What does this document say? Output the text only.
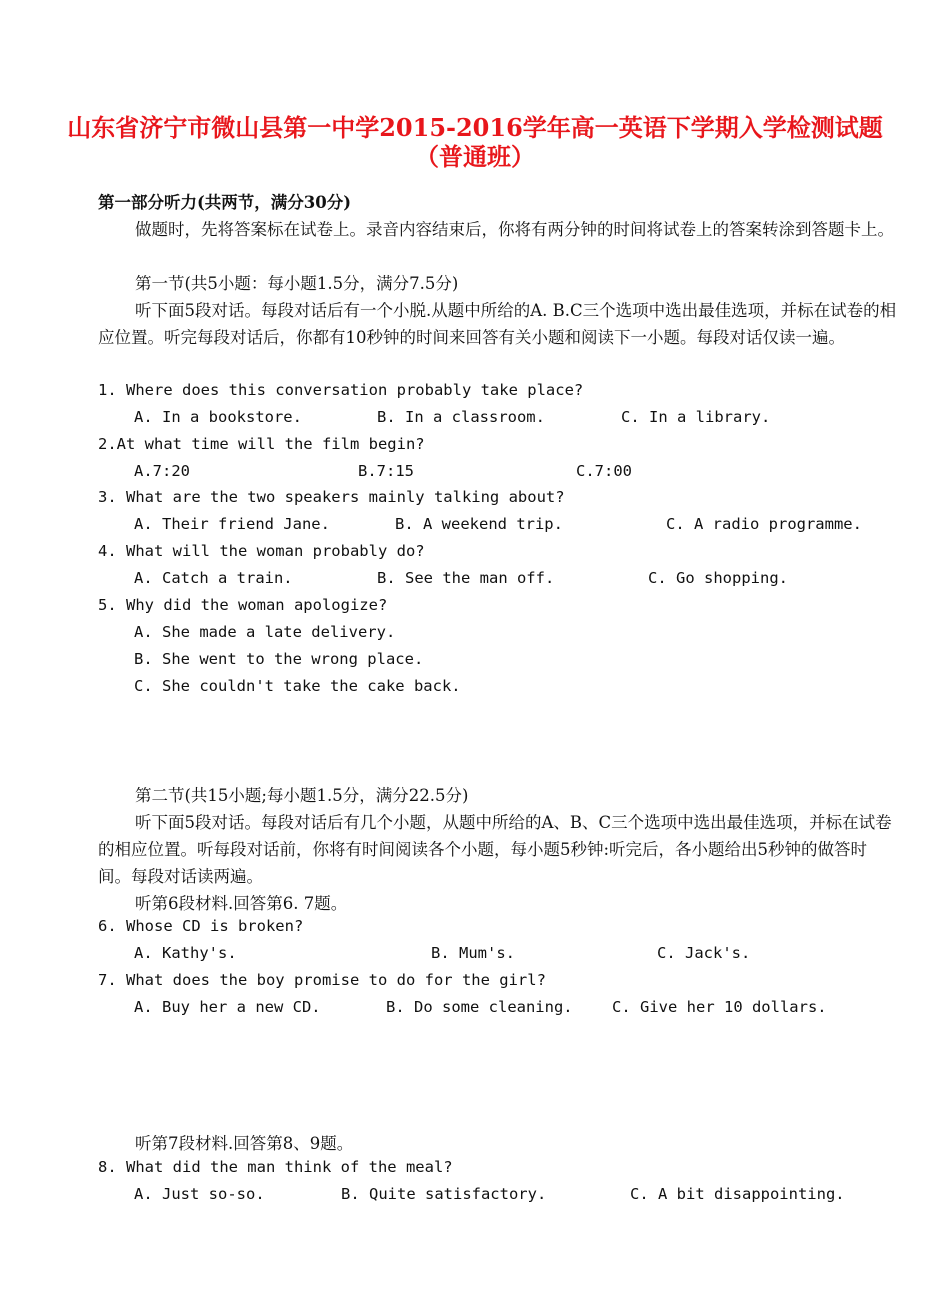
山东省济宁市微山县第一中学2015-2016学年高一英语下学期入学检测试题
（普通班）
第一部分听力(共两节，满分30分)
做题时，先将答案标在试卷上。录音内容结束后，你将有两分钟的时间将试卷上的答案转涂到答题卡上。
第一节(共5小题：每小题1.5分，满分7.5分)
听下面5段对话。每段对话后有一个小脱.从题中所给的A. B.C三个选项中选出最佳选项，并标在试卷的相应位置。听完每段对话后，你都有10秒钟的时间来回答有关小题和阅读下一小题。每段对话仅读一遍。
1. Where does this conversation probably take place?
A. In a bookstore.	B. In a classroom.	C. In a library.
2.At what time will the film begin?
A.7:20	B.7:15	C.7:00
3. What are the two speakers mainly talking about?
A. Their friend Jane.	B. A weekend trip.	C. A radio programme.
4. What will the woman probably do?
A. Catch a train.	B. See the man off.	C. Go shopping.
5. Why did the woman apologize?
A. She made a late delivery.
B. She went to the wrong place.
C. She couldn't take the cake back.
第二节(共15小题;每小题1.5分，满分22.5分)
听下面5段对话。每段对话后有几个小题，从题中所给的A、B、C三个选项中选出最佳选项，并标在试卷的相应位置。听每段对话前，你将有时间阅读各个小题，每小题5秒钟:听完后，各小题给出5秒钟的做答时间。每段对话读两遍。
听第6段材料.回答第6. 7题。
6. Whose CD is broken?
A. Kathy's.	B. Mum's.	C. Jack's.
7. What does the boy promise to do for the girl?
A. Buy her a new CD.	B. Do some cleaning.	C. Give her 10 dollars.
听第7段材料.回答第8、9题。
8. What did the man think of the meal?
A. Just so-so.	B. Quite satisfactory.	C. A bit disappointing.
